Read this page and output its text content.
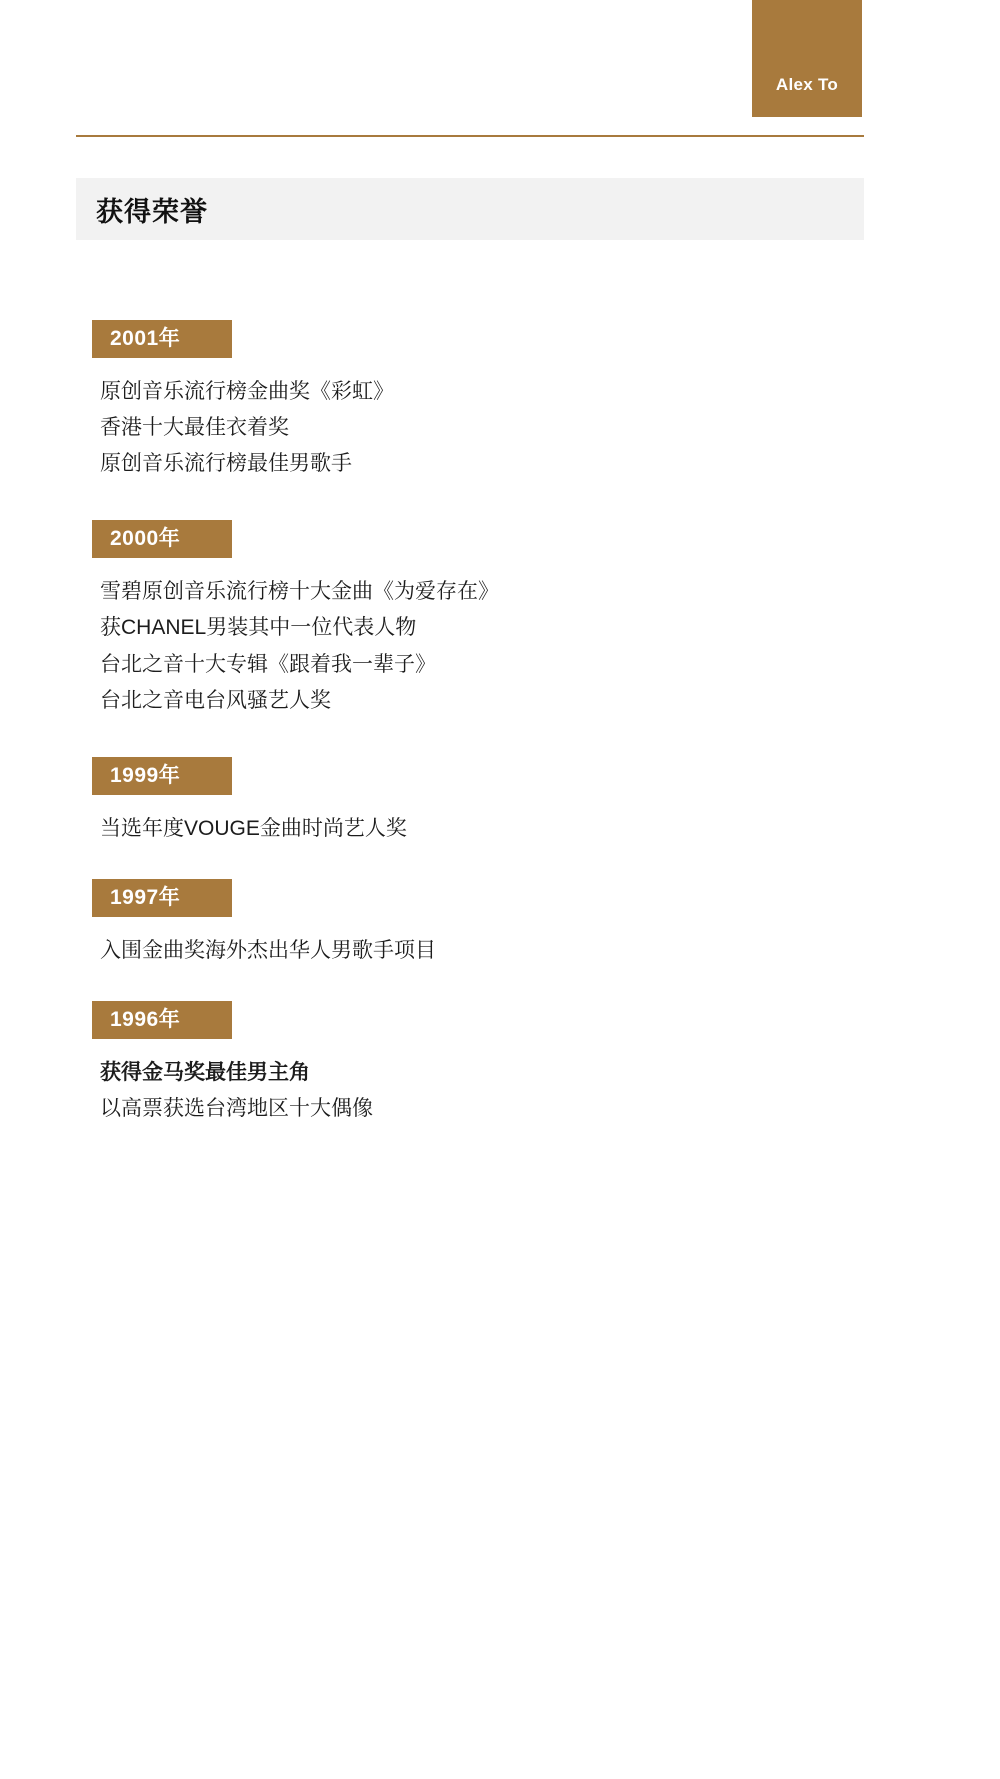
Alex To
获得荣誉
2001年
原创音乐流行榜金曲奖《彩虹》
香港十大最佳衣着奖
原创音乐流行榜最佳男歌手
2000年
雪碧原创音乐流行榜十大金曲《为爱存在》
获CHANEL男装其中一位代表人物
台北之音十大专辑《跟着我一辈子》
台北之音电台风骚艺人奖
1999年
当选年度VOUGE金曲时尚艺人奖
1997年
入围金曲奖海外杰出华人男歌手项目
1996年
获得金马奖最佳男主角
以高票获选台湾地区十大偶像
